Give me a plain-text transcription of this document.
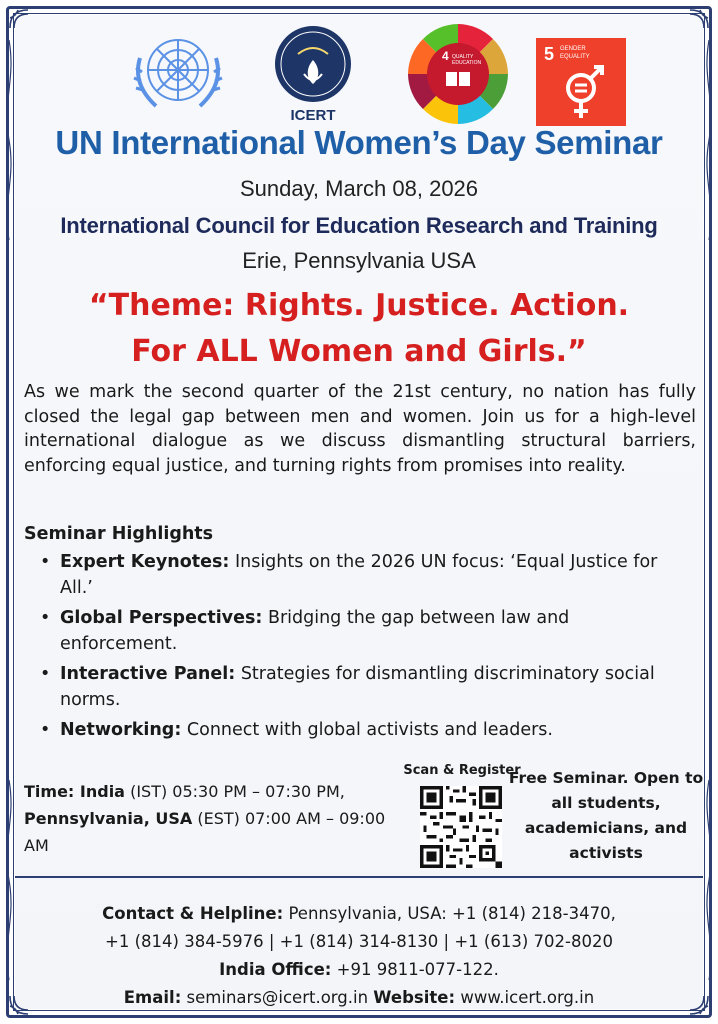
ICERT
4 QUALITY
EDUCATION	5 GENDER
EQUALITY
UN International Women’s Day Seminar
Sunday, March 08, 2026
International Council for Education Research and Training
Erie, Pennsylvania USA
“Theme: Rights. Justice. Action.
For ALL Women and Girls.”

As we mark the second quarter of the 21st century, no nation has fully closed the legal gap between men and women. Join us for a high-level international dialogue as we discuss dismantling structural barriers, enforcing equal justice, and turning rights from promises into reality.

Seminar Highlights
• Expert Keynotes: Insights on the 2026 UN focus: ‘Equal Justice for All.’
• Global Perspectives: Bridging the gap between law and enforcement.
• Interactive Panel: Strategies for dismantling discriminatory social norms.
• Networking: Connect with global activists and leaders.
Time: India (IST) 05:30 PM – 07:30 PM,
Pennsylvania, USA (EST) 07:00 AM – 09:00 AM
Scan & Register
Free Seminar. Open to all students, academicians, and activists
Contact & Helpline: Pennsylvania, USA: +1 (814) 218-3470,
+1 (814) 384-5976 | +1 (814) 314-8130 | +1 (613) 702-8020
India Office: +91 9811-077-122.
Email: seminars@icert.org.in Website: www.icert.org.in
